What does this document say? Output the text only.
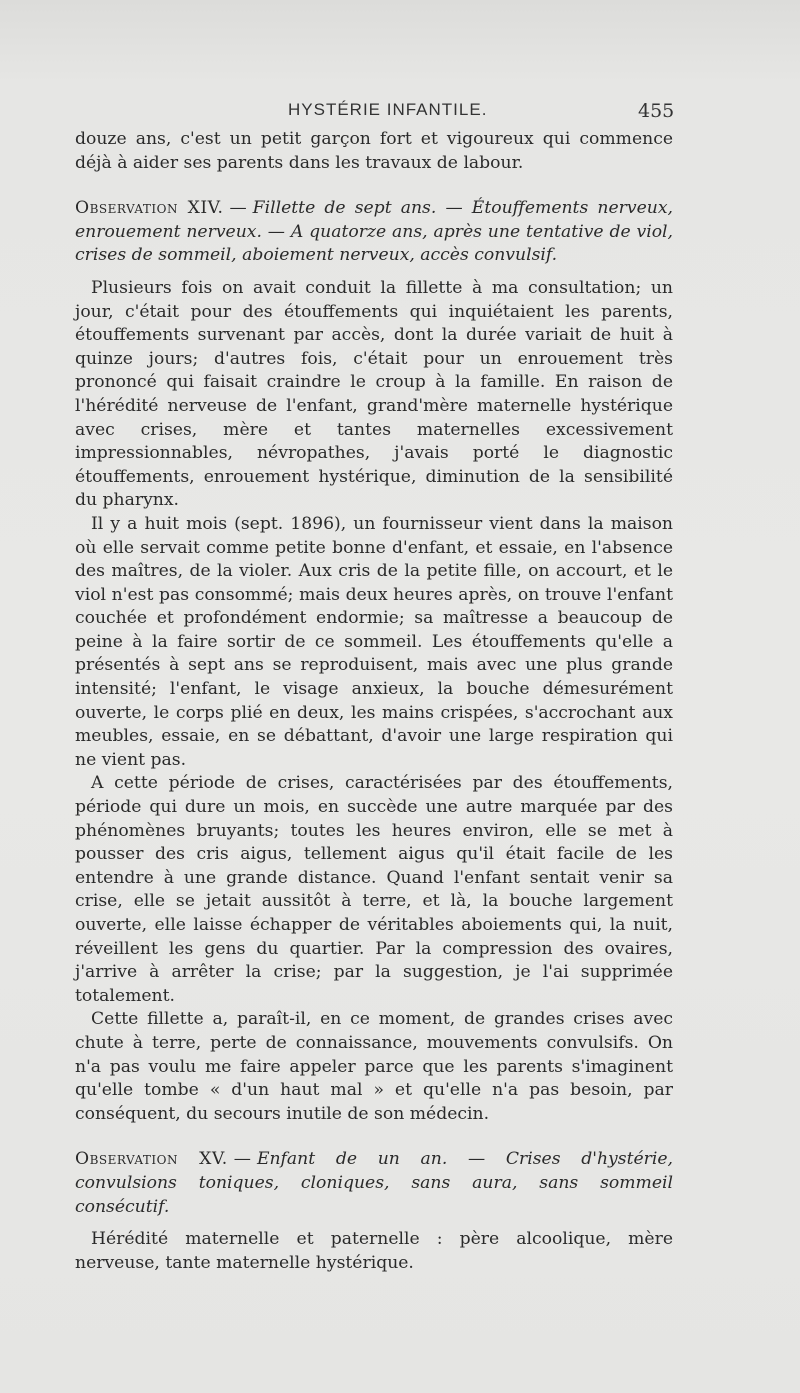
HYSTÉRIE INFANTILE.	455

douze ans, c'est un petit garçon fort et vigoureux qui commence déjà à aider ses parents dans les travaux de labour.

Observation XIV. — Fillette de sept ans. — Étouffements nerveux, enrouement nerveux. — A quatorze ans, après une tentative de viol, crises de sommeil, aboiement nerveux, accès convulsif.

Plusieurs fois on avait conduit la fillette à ma consultation; un jour, c'était pour des étouffements qui inquiétaient les parents, étouffements survenant par accès, dont la durée variait de huit à quinze jours; d'autres fois, c'était pour un enrouement très prononcé qui faisait craindre le croup à la famille. En raison de l'hérédité nerveuse de l'enfant, grand'mère maternelle hystérique avec crises, mère et tantes maternelles excessivement impressionnables, névropathes, j'avais porté le diagnostic étouffements, enrouement hystérique, diminution de la sensibilité du pharynx.

Il y a huit mois (sept. 1896), un fournisseur vient dans la maison où elle servait comme petite bonne d'enfant, et essaie, en l'absence des maîtres, de la violer. Aux cris de la petite fille, on accourt, et le viol n'est pas consommé; mais deux heures après, on trouve l'enfant couchée et profondément endormie; sa maîtresse a beaucoup de peine à la faire sortir de ce sommeil. Les étouffements qu'elle a présentés à sept ans se reproduisent, mais avec une plus grande intensité; l'enfant, le visage anxieux, la bouche démesurément ouverte, le corps plié en deux, les mains crispées, s'accrochant aux meubles, essaie, en se débattant, d'avoir une large respiration qui ne vient pas.

A cette période de crises, caractérisées par des étouffements, période qui dure un mois, en succède une autre marquée par des phénomènes bruyants; toutes les heures environ, elle se met à pousser des cris aigus, tellement aigus qu'il était facile de les entendre à une grande distance. Quand l'enfant sentait venir sa crise, elle se jetait aussitôt à terre, et là, la bouche largement ouverte, elle laisse échapper de véritables aboiements qui, la nuit, réveillent les gens du quartier. Par la compression des ovaires, j'arrive à arrêter la crise; par la suggestion, je l'ai supprimée totalement.

Cette fillette a, paraît-il, en ce moment, de grandes crises avec chute à terre, perte de connaissance, mouvements convulsifs. On n'a pas voulu me faire appeler parce que les parents s'imaginent qu'elle tombe « d'un haut mal » et qu'elle n'a pas besoin, par conséquent, du secours inutile de son médecin.

Observation XV. — Enfant de un an. — Crises d'hystérie, convulsions toniques, cloniques, sans aura, sans sommeil consécutif.

Hérédité maternelle et paternelle : père alcoolique, mère nerveuse, tante maternelle hystérique.
